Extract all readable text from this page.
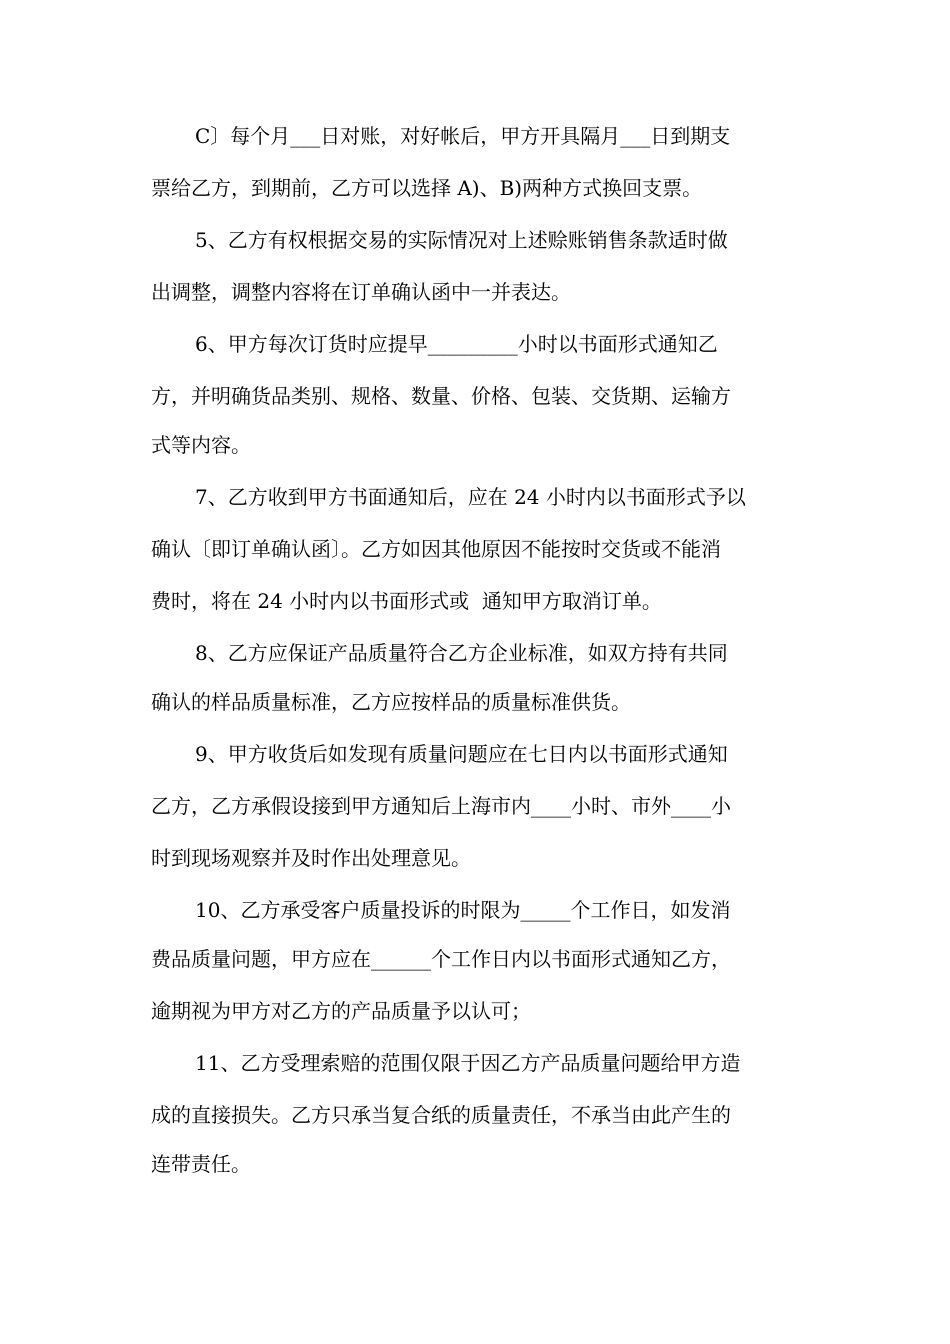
C〕每个月___日对账，对好帐后，甲方开具隔月___日到期支
票给乙方，到期前，乙方可以选择 A)、B)两种方式换回支票。
5、乙方有权根据交易的实际情况对上述赊账销售条款适时做
出调整，调整内容将在订单确认函中一并表达。
6、甲方每次订货时应提早_________小时以书面形式通知乙
方，并明确货品类别、规格、数量、价格、包装、交货期、运输方
式等内容。
7、乙方收到甲方书面通知后，应在 24 小时内以书面形式予以
确认〔即订单确认函〕。乙方如因其他原因不能按时交货或不能消
费时，将在 24 小时内以书面形式或  通知甲方取消订单。
8、乙方应保证产品质量符合乙方企业标准，如双方持有共同
确认的样品质量标准，乙方应按样品的质量标准供货。
9、甲方收货后如发现有质量问题应在七日内以书面形式通知
乙方，乙方承假设接到甲方通知后上海市内____小时、市外____小
时到现场观察并及时作出处理意见。
10、乙方承受客户质量投诉的时限为_____个工作日，如发消
费品质量问题，甲方应在______个工作日内以书面形式通知乙方，
逾期视为甲方对乙方的产品质量予以认可；
11、乙方受理索赔的范围仅限于因乙方产品质量问题给甲方造
成的直接损失。乙方只承当复合纸的质量责任，不承当由此产生的
连带责任。
